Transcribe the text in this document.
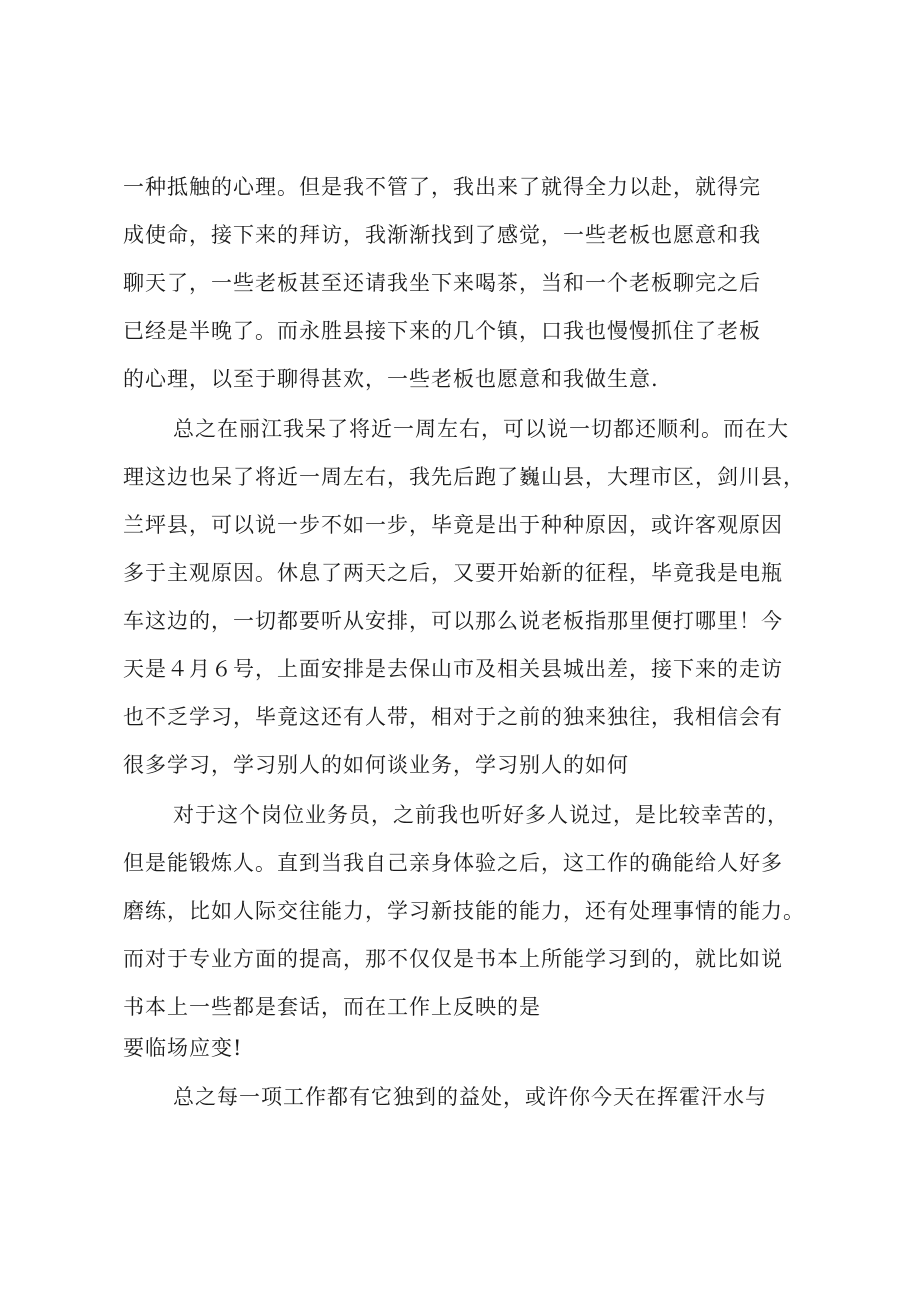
一种抵触的心理。但是我不管了，我出来了就得全力以赴，就得完
成使命，接下来的拜访，我渐渐找到了感觉，一些老板也愿意和我
聊天了，一些老板甚至还请我坐下来喝茶，当和一个老板聊完之后
已经是半晚了。而永胜县接下来的几个镇，口我也慢慢抓住了老板
的心理，以至于聊得甚欢，一些老板也愿意和我做生意.
总之在丽江我呆了将近一周左右，可以说一切都还顺利。而在大
理这边也呆了将近一周左右，我先后跑了巍山县，大理市区，剑川县，
兰坪县，可以说一步不如一步，毕竟是出于种种原因，或许客观原因
多于主观原因。休息了两天之后，又要开始新的征程，毕竟我是电瓶
车这边的，一切都要听从安排，可以那么说老板指那里便打哪里！今
天是４月６号，上面安排是去保山市及相关县城出差，接下来的走访
也不乏学习，毕竟这还有人带，相对于之前的独来独往，我相信会有
很多学习，学习别人的如何谈业务，学习别人的如何
对于这个岗位业务员，之前我也听好多人说过，是比较幸苦的，
但是能锻炼人。直到当我自己亲身体验之后，这工作的确能给人好多
磨练，比如人际交往能力，学习新技能的能力，还有处理事情的能力。
而对于专业方面的提高，那不仅仅是书本上所能学习到的，就比如说
书本上一些都是套话，而在工作上反映的是
要临场应变!
总之每一项工作都有它独到的益处，或许你今天在挥霍汗水与
